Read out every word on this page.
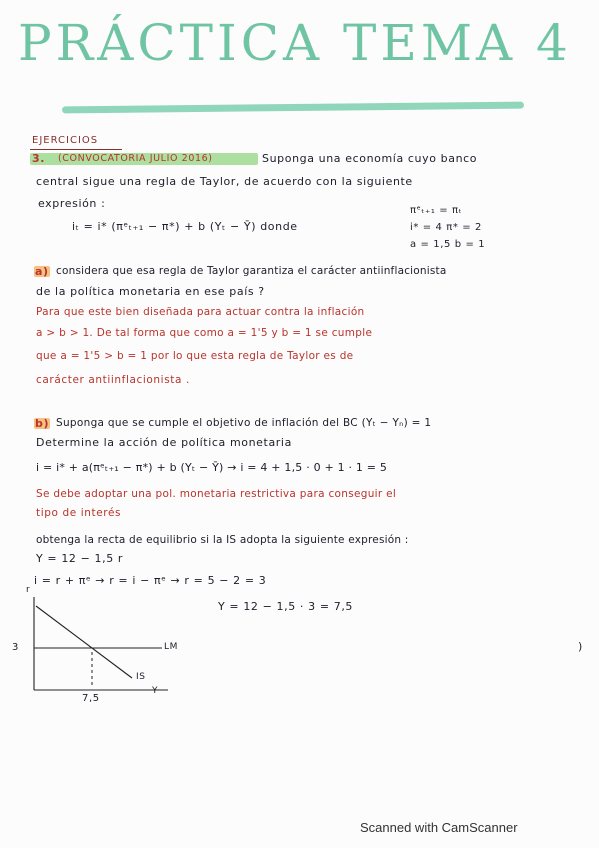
PRÁCTICA TEMA 4
EJERCICIOS
3. (CONVOCATORIA JULIO 2016)	Suponga una economía cuyo banco
central sigue una regla de Taylor, de acuerdo con la siguiente
expresión :
iₜ = i* (πᵉₜ₊₁ − π*) + b (Yₜ − Ȳ) donde
πᵉₜ₊₁ = πₜ
i* = 4 π* = 2
a = 1,5 b = 1
a) considera que esa regla de Taylor garantiza el carácter antiinflacionista
de la política monetaria en ese país ?
Para que este bien diseñada para actuar contra la inflación
a > b > 1. De tal forma que como a = 1'5 y b = 1 se cumple
que a = 1'5 > b = 1 por lo que esta regla de Taylor es de
carácter antiinflacionista .
b) Suponga que se cumple el objetivo de inflación del BC (Yₜ − Yₙ) = 1
Determine la acción de política monetaria
i = i* + a(πᵉₜ₊₁ − π*) + b (Yₜ − Ȳ) → i = 4 + 1,5 · 0 + 1 · 1 = 5
Se debe adoptar una pol. monetaria restrictiva para conseguir el
tipo de interés
obtenga la recta de equilibrio si la IS adopta la siguiente expresión :
Y = 12 − 1,5 r
i = r + πᵉ → r = i − πᵉ → r = 5 − 2 = 3
Y = 12 − 1,5 · 3 = 7,5
r
Y
3
7,5
LM
IS
)
Scanned with CamScanner
